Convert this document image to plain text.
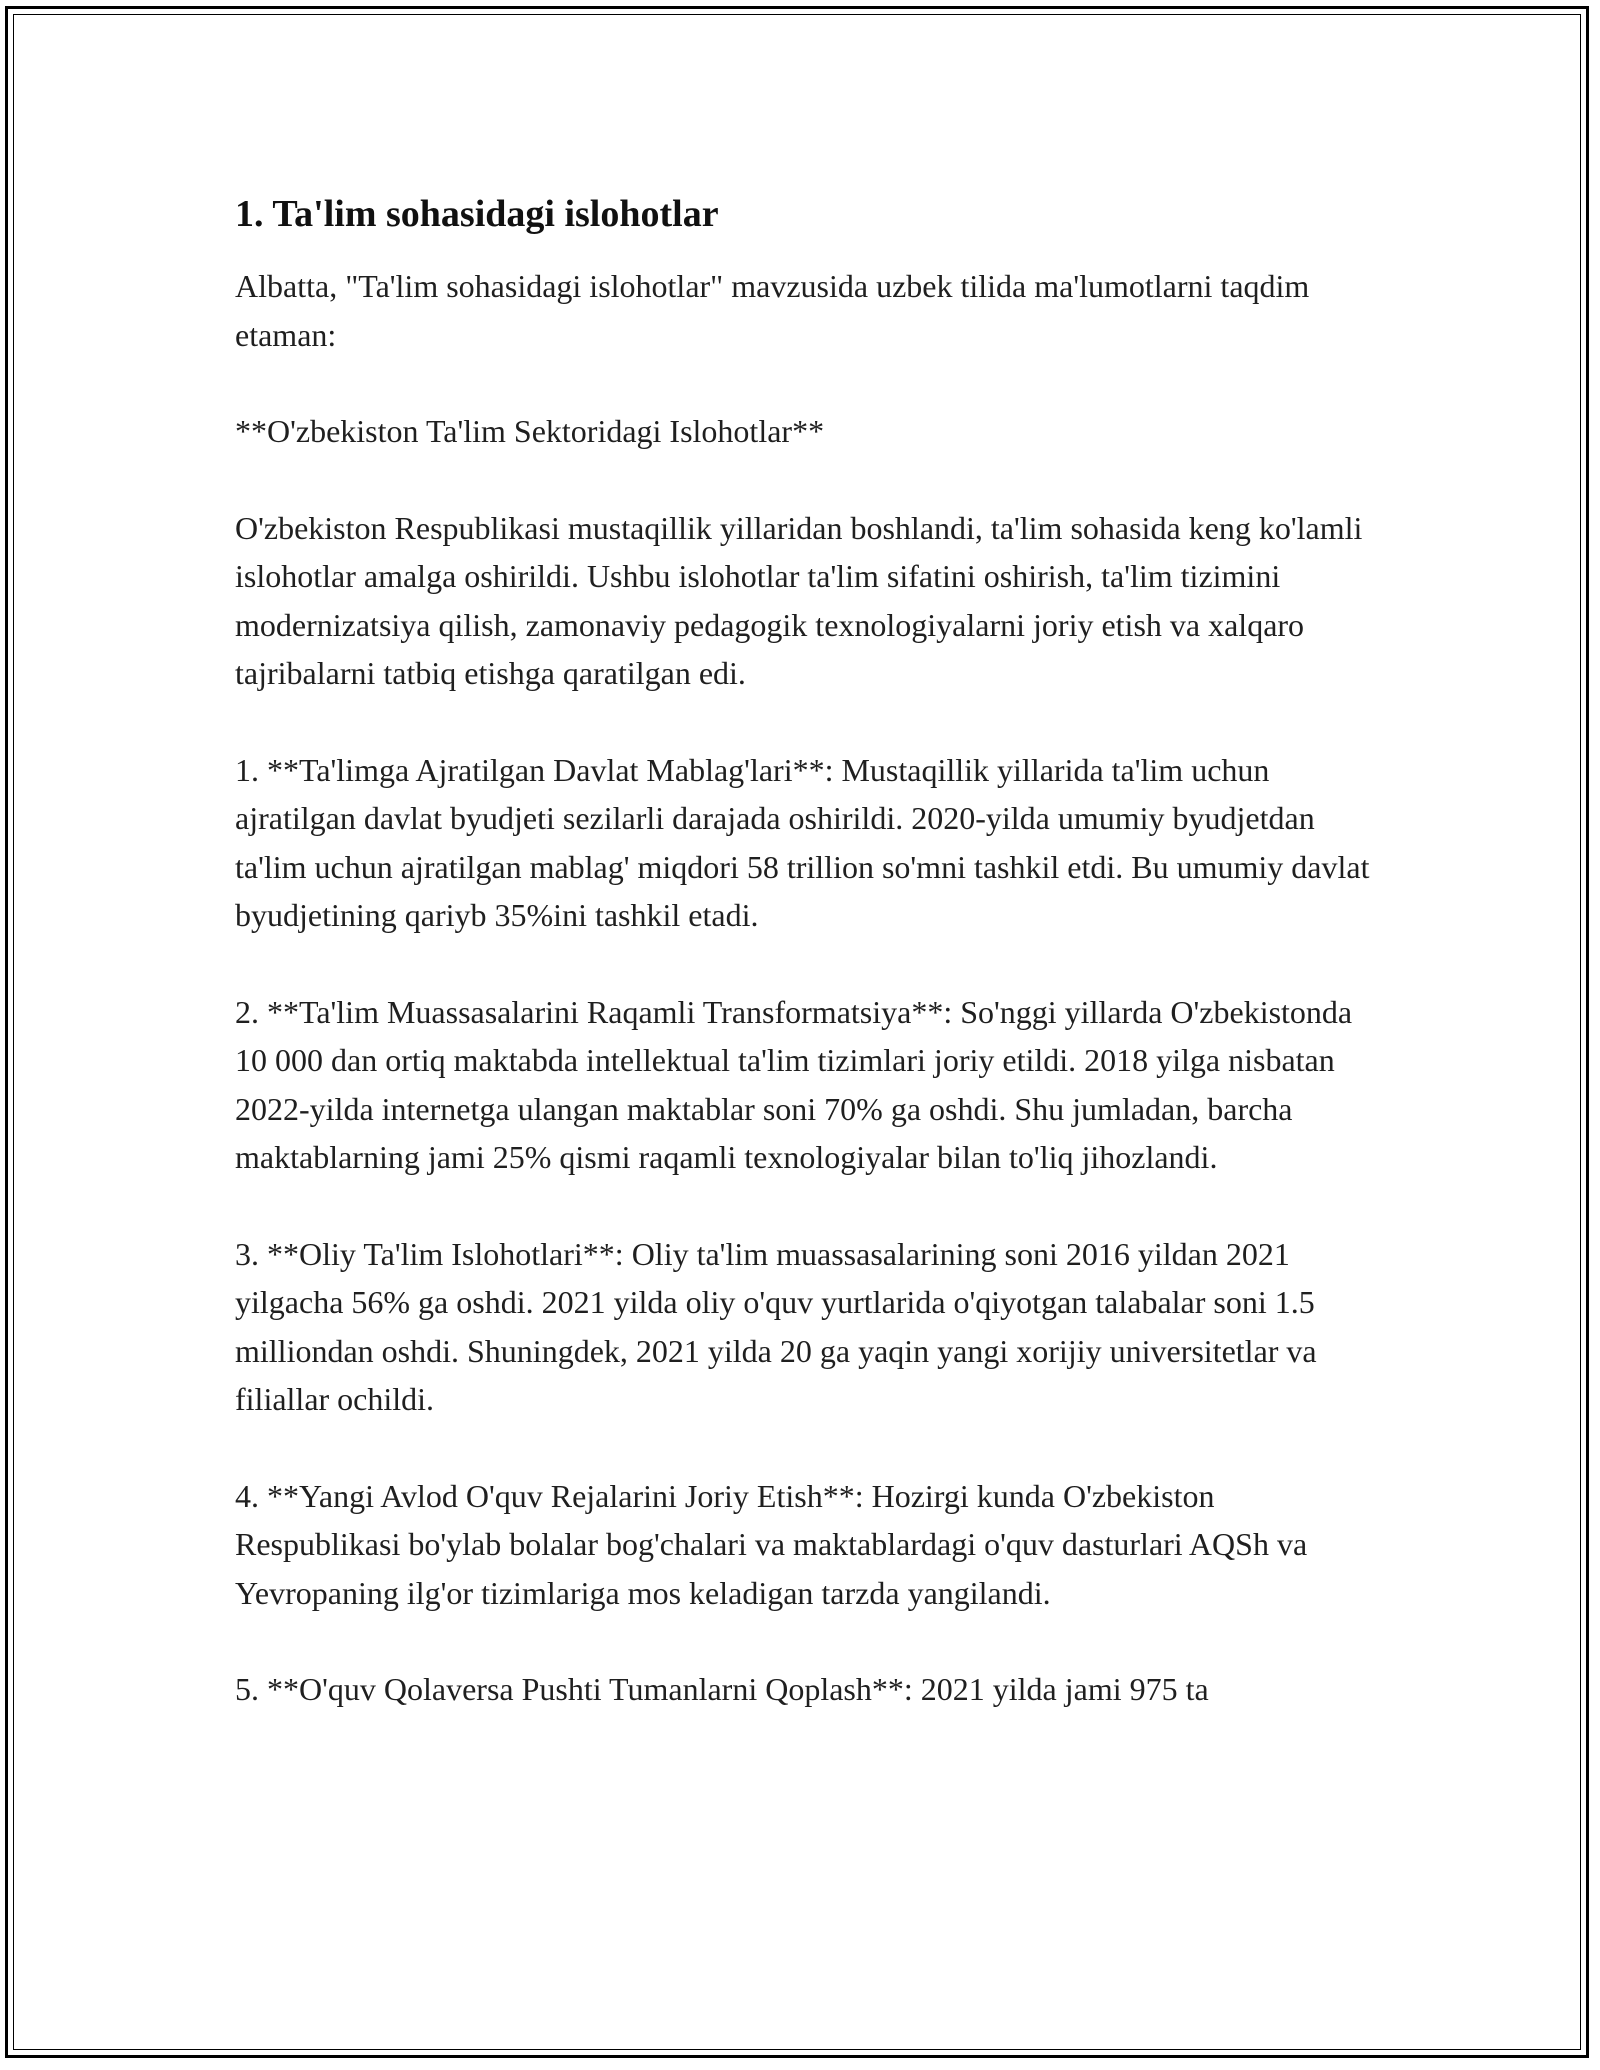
1. Ta'lim sohasidagi islohotlar

Albatta, "Ta'lim sohasidagi islohotlar" mavzusida uzbek tilida ma'lumotlarni taqdim etaman:

**O'zbekiston Ta'lim Sektoridagi Islohotlar**

O'zbekiston Respublikasi mustaqillik yillaridan boshlandi, ta'lim sohasida keng ko'lamli islohotlar amalga oshirildi. Ushbu islohotlar ta'lim sifatini oshirish, ta'lim tizimini modernizatsiya qilish, zamonaviy pedagogik texnologiyalarni joriy etish va xalqaro tajribalarni tatbiq etishga qaratilgan edi.

1. **Ta'limga Ajratilgan Davlat Mablag'lari**: Mustaqillik yillarida ta'lim uchun ajratilgan davlat byudjeti sezilarli darajada oshirildi. 2020-yilda umumiy byudjetdan ta'lim uchun ajratilgan mablag' miqdori 58 trillion so'mni tashkil etdi. Bu umumiy davlat byudjetining qariyb 35%ini tashkil etadi.

2. **Ta'lim Muassasalarini Raqamli Transformatsiya**: So'nggi yillarda O'zbekistonda 10 000 dan ortiq maktabda intellektual ta'lim tizimlari joriy etildi. 2018 yilga nisbatan 2022-yilda internetga ulangan maktablar soni 70% ga oshdi. Shu jumladan, barcha maktablarning jami 25% qismi raqamli texnologiyalar bilan to'liq jihozlandi.

3. **Oliy Ta'lim Islohotlari**: Oliy ta'lim muassasalarining soni 2016 yildan 2021 yilgacha 56% ga oshdi. 2021 yilda oliy o'quv yurtlarida o'qiyotgan talabalar soni 1.5 milliondan oshdi. Shuningdek, 2021 yilda 20 ga yaqin yangi xorijiy universitetlar va filiallar ochildi.

4. **Yangi Avlod O'quv Rejalarini Joriy Etish**: Hozirgi kunda O'zbekiston Respublikasi bo'ylab bolalar bog'chalari va maktablardagi o'quv dasturlari AQSh va Yevropaning ilg'or tizimlariga mos keladigan tarzda yangilandi.

5. **O'quv Qolaversa Pushti Tumanlarni Qoplash**: 2021 yilda jami 975 ta
